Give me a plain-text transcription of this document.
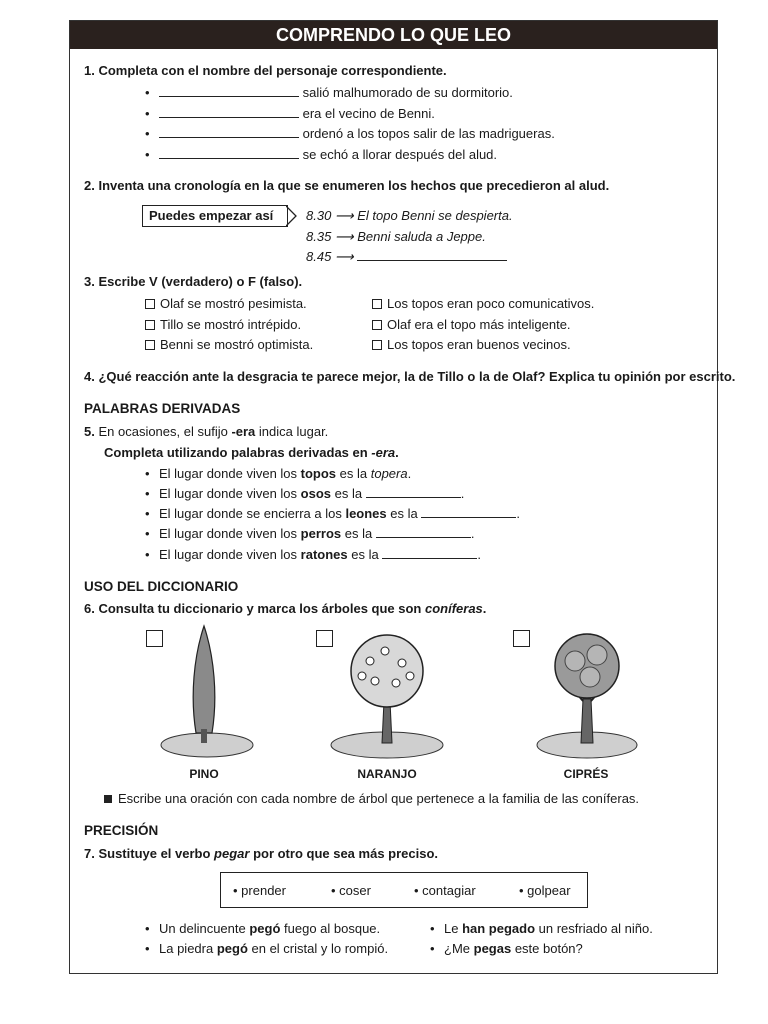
COMPRENDO LO QUE LEO
1. Completa con el nombre del personaje correspondiente.
•	salió malhumorado de su dormitorio.
•	era el vecino de Benni.
•	ordenó a los topos salir de las madrigueras.
•	se echó a llorar después del alud.
2. Inventa una cronología en la que se enumeren los hechos que precedieron al alud.
Puedes empezar así	8.30 ⟶ El topo Benni se despierta.
8.35 ⟶ Benni saluda a Jeppe.
8.45 ⟶
3. Escribe V (verdadero) o F (falso).
Olaf se mostró pesimista.
Tillo se mostró intrépido.
Benni se mostró optimista.
Los topos eran poco comunicativos.
Olaf era el topo más inteligente.
Los topos eran buenos vecinos.
4. ¿Qué reacción ante la desgracia te parece mejor, la de Tillo o la de Olaf? Explica tu opinión por escrito.
PALABRAS DERIVADAS
5. En ocasiones, el sufijo -era indica lugar.
Completa utilizando palabras derivadas en -era.
• El lugar donde viven los topos es la topera.
• El lugar donde viven los osos es la	.
• El lugar donde se encierra a los leones es la	.
• El lugar donde viven los perros es la	.
• El lugar donde viven los ratones es la	.
USO DEL DICCIONARIO
6. Consulta tu diccionario y marca los árboles que son coníferas.
PINO	NARANJO	CIPRÉS
Escribe una oración con cada nombre de árbol que pertenece a la familia de las coníferas.
PRECISIÓN
7. Sustituye el verbo pegar por otro que sea más preciso.
• prender	• coser	• contagiar	• golpear
• Un delincuente pegó fuego al bosque.
• La piedra pegó en el cristal y lo rompió.
• Le han pegado un resfriado al niño.
• ¿Me pegas este botón?
